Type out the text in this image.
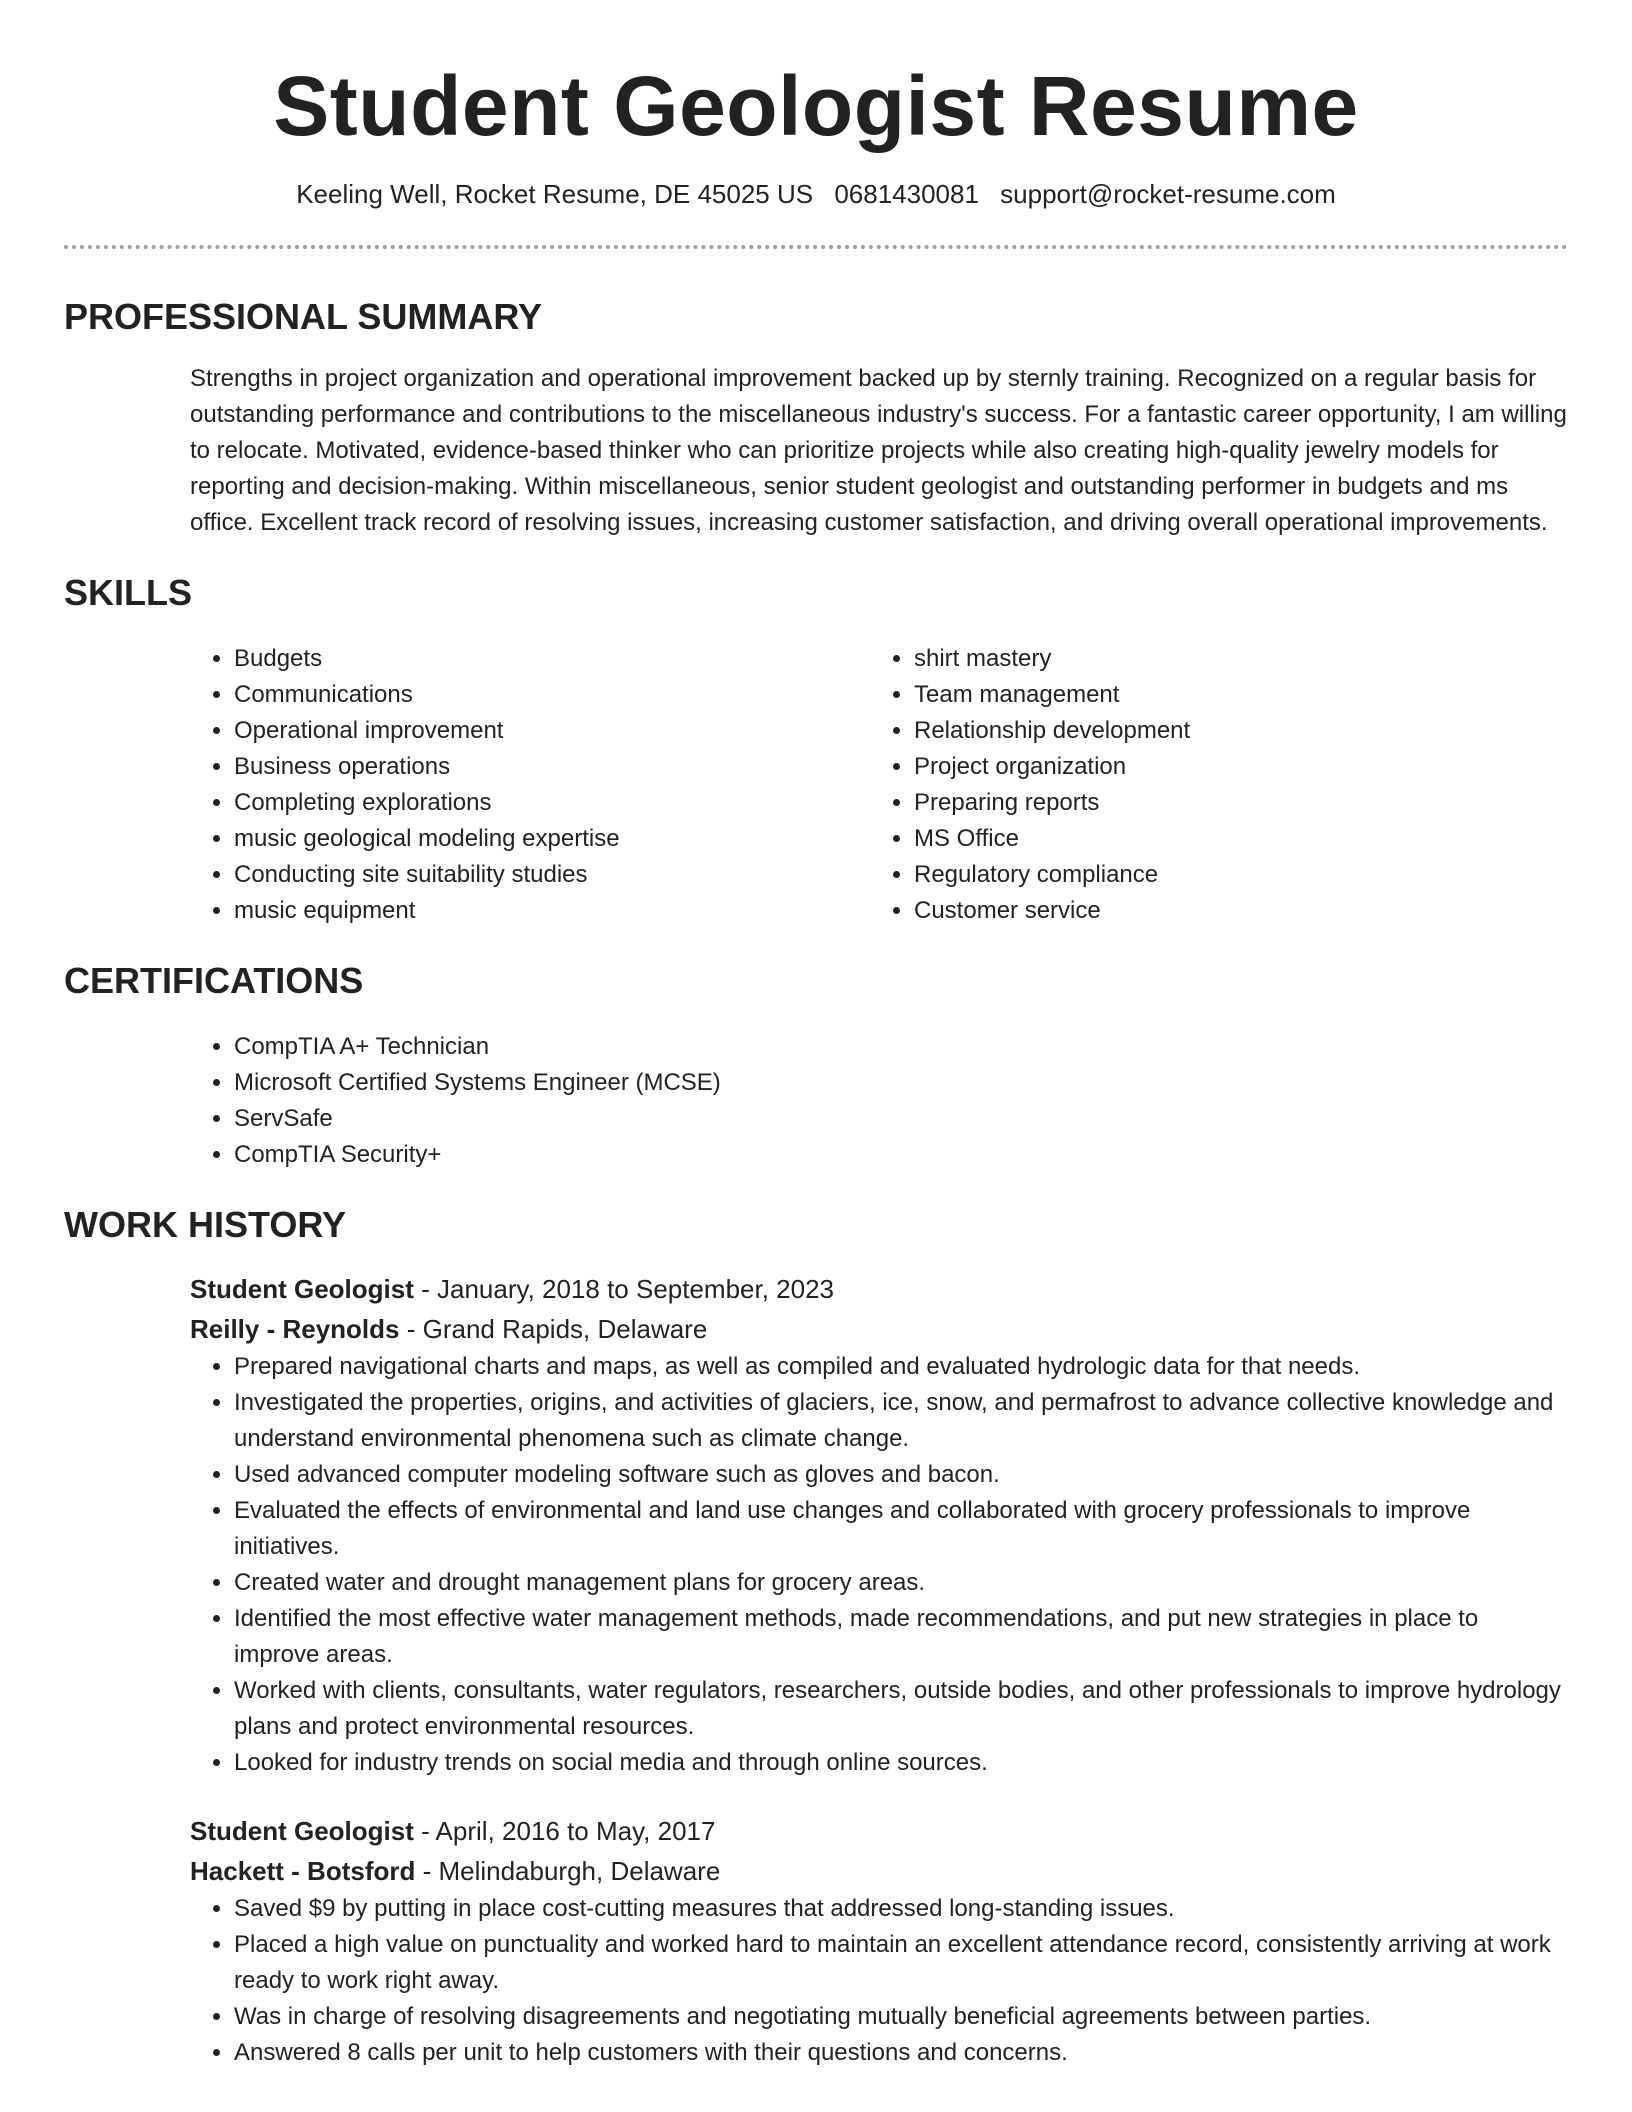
Student Geologist Resume
Keeling Well, Rocket Resume, DE 45025 US 0681430081 support@rocket-resume.com
PROFESSIONAL SUMMARY
Strengths in project organization and operational improvement backed up by sternly training. Recognized on a regular basis for outstanding performance and contributions to the miscellaneous industry's success. For a fantastic career opportunity, I am willing to relocate. Motivated, evidence-based thinker who can prioritize projects while also creating high-quality jewelry models for reporting and decision-making. Within miscellaneous, senior student geologist and outstanding performer in budgets and ms office. Excellent track record of resolving issues, increasing customer satisfaction, and driving overall operational improvements.
SKILLS
• Budgets
• Communications
• Operational improvement
• Business operations
• Completing explorations
• music geological modeling expertise
• Conducting site suitability studies
• music equipment
• shirt mastery
• Team management
• Relationship development
• Project organization
• Preparing reports
• MS Office
• Regulatory compliance
• Customer service
CERTIFICATIONS
• CompTIA A+ Technician
• Microsoft Certified Systems Engineer (MCSE)
• ServSafe
• CompTIA Security+
WORK HISTORY
Student Geologist - January, 2018 to September, 2023
Reilly - Reynolds - Grand Rapids, Delaware
• Prepared navigational charts and maps, as well as compiled and evaluated hydrologic data for that needs.
• Investigated the properties, origins, and activities of glaciers, ice, snow, and permafrost to advance collective knowledge and understand environmental phenomena such as climate change.
• Used advanced computer modeling software such as gloves and bacon.
• Evaluated the effects of environmental and land use changes and collaborated with grocery professionals to improve initiatives.
• Created water and drought management plans for grocery areas.
• Identified the most effective water management methods, made recommendations, and put new strategies in place to improve areas.
• Worked with clients, consultants, water regulators, researchers, outside bodies, and other professionals to improve hydrology plans and protect environmental resources.
• Looked for industry trends on social media and through online sources.
Student Geologist - April, 2016 to May, 2017
Hackett - Botsford - Melindaburgh, Delaware
• Saved $9 by putting in place cost-cutting measures that addressed long-standing issues.
• Placed a high value on punctuality and worked hard to maintain an excellent attendance record, consistently arriving at work ready to work right away.
• Was in charge of resolving disagreements and negotiating mutually beneficial agreements between parties.
• Answered 8 calls per unit to help customers with their questions and concerns.
